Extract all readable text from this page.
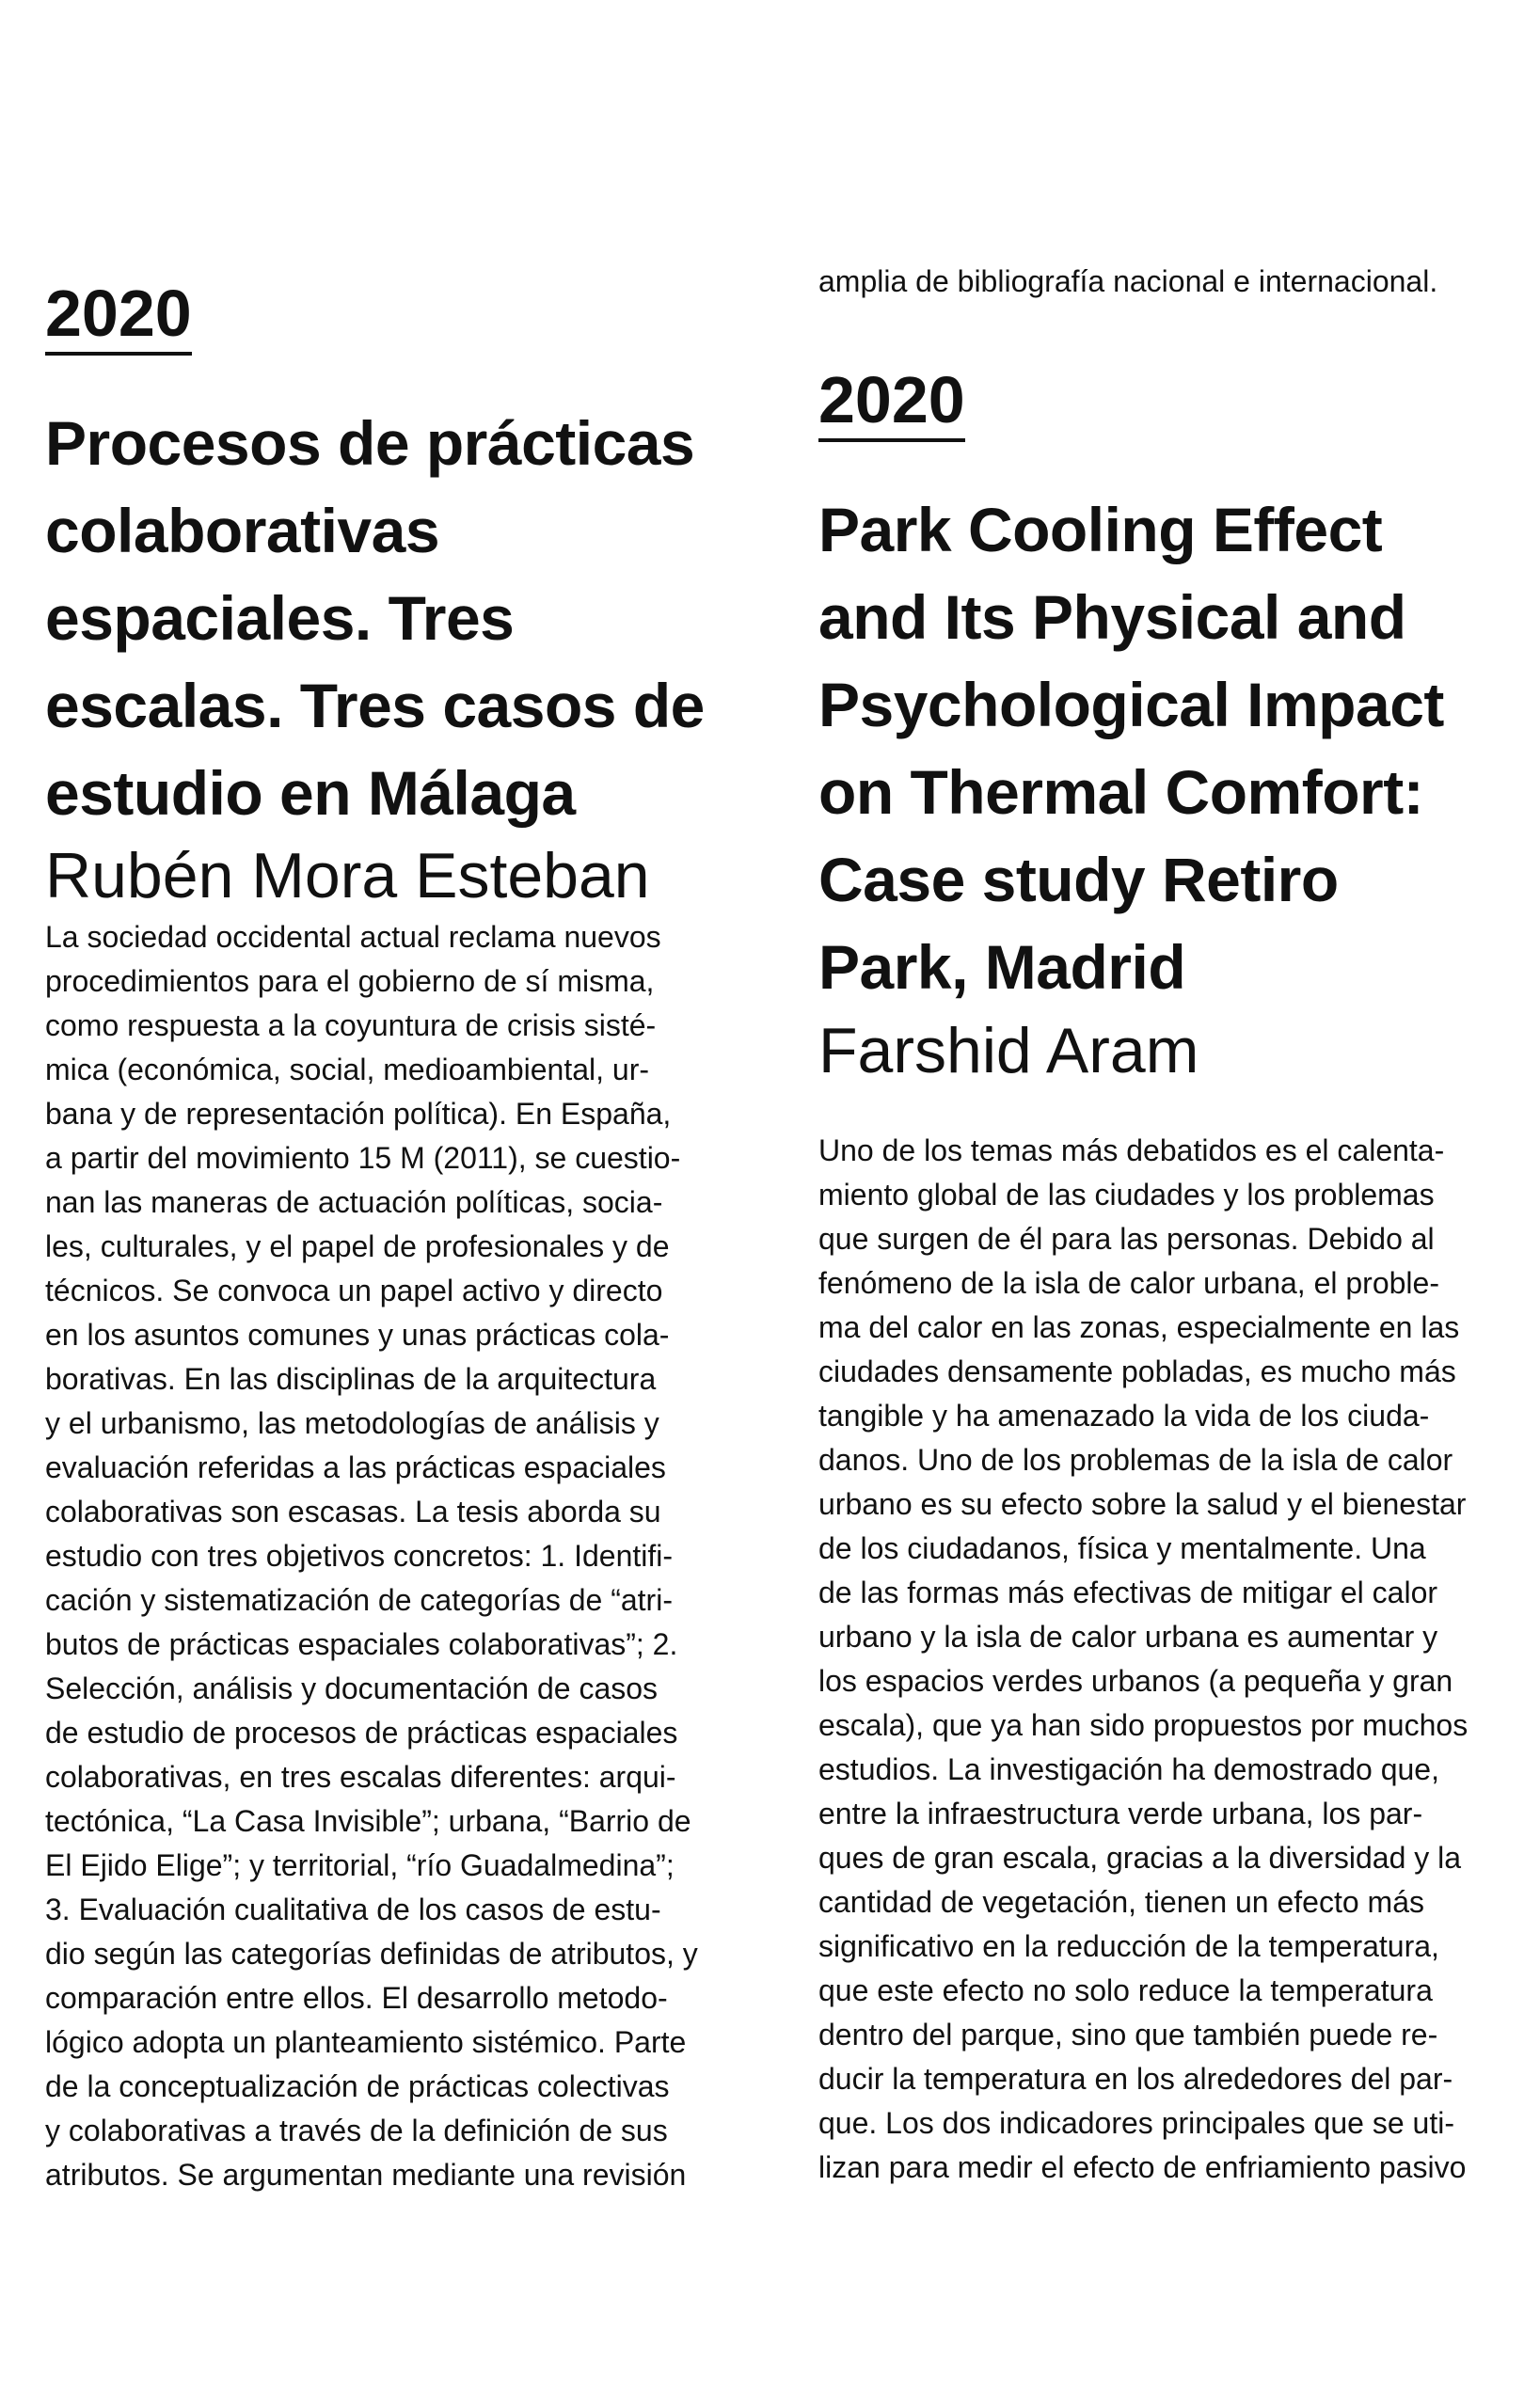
2020
Procesos de prácticas
colaborativas
espaciales. Tres
escalas. Tres casos de
estudio en Málaga
Rubén Mora Esteban
La sociedad occidental actual reclama nuevos
procedimientos para el gobierno de sí misma,
como respuesta a la coyuntura de crisis sisté-
mica (económica, social, medioambiental, ur-
bana y de representación política). En España,
a partir del movimiento 15 M (2011), se cuestio-
nan las maneras de actuación políticas, socia-
les, culturales, y el papel de profesionales y de
técnicos. Se convoca un papel activo y directo
en los asuntos comunes y unas prácticas cola-
borativas. En las disciplinas de la arquitectura
y el urbanismo, las metodologías de análisis y
evaluación referidas a las prácticas espaciales
colaborativas son escasas. La tesis aborda su
estudio con tres objetivos concretos: 1. Identifi-
cación y sistematización de categorías de “atri-
butos de prácticas espaciales colaborativas”; 2.
Selección, análisis y documentación de casos
de estudio de procesos de prácticas espaciales
colaborativas, en tres escalas diferentes: arqui-
tectónica, “La Casa Invisible”; urbana, “Barrio de
El Ejido Elige”; y territorial, “río Guadalmedina”;
3. Evaluación cualitativa de los casos de estu-
dio según las categorías definidas de atributos, y
comparación entre ellos. El desarrollo metodo-
lógico adopta un planteamiento sistémico. Parte
de la conceptualización de prácticas colectivas
y colaborativas a través de la definición de sus
atributos. Se argumentan mediante una revisión
amplia de bibliografía nacional e internacional.
2020
Park Cooling Effect
and Its Physical and
Psychological Impact
on Thermal Comfort:
Case study Retiro
Park, Madrid
Farshid Aram
Uno de los temas más debatidos es el calenta-
miento global de las ciudades y los problemas
que surgen de él para las personas. Debido al
fenómeno de la isla de calor urbana, el proble-
ma del calor en las zonas, especialmente en las
ciudades densamente pobladas, es mucho más
tangible y ha amenazado la vida de los ciuda-
danos. Uno de los problemas de la isla de calor
urbano es su efecto sobre la salud y el bienestar
de los ciudadanos, física y mentalmente. Una
de las formas más efectivas de mitigar el calor
urbano y la isla de calor urbana es aumentar y
los espacios verdes urbanos (a pequeña y gran
escala), que ya han sido propuestos por muchos
estudios. La investigación ha demostrado que,
entre la infraestructura verde urbana, los par-
ques de gran escala, gracias a la diversidad y la
cantidad de vegetación, tienen un efecto más
significativo en la reducción de la temperatura,
que este efecto no solo reduce la temperatura
dentro del parque, sino que también puede re-
ducir la temperatura en los alrededores del par-
que. Los dos indicadores principales que se uti-
lizan para medir el efecto de enfriamiento pasivo
